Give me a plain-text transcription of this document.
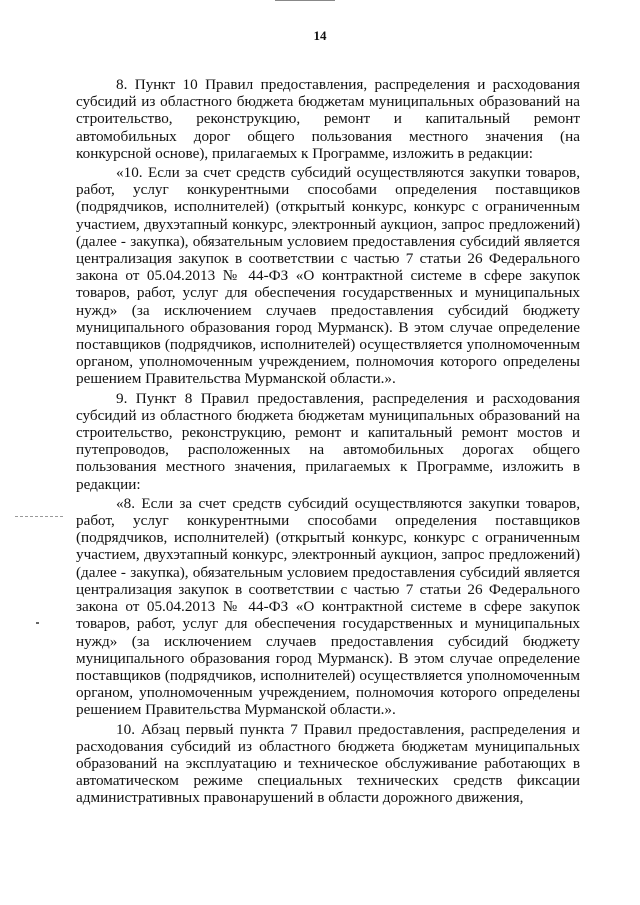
14

8. Пункт 10 Правил предоставления, распределения и расходования субсидий из областного бюджета бюджетам муниципальных образований на строительство, реконструкцию, ремонт и капитальный ремонт автомобильных дорог общего пользования местного значения (на конкурсной основе), прилагаемых к Программе, изложить в редакции:

«10. Если за счет средств субсидий осуществляются закупки товаров, работ, услуг конкурентными способами определения поставщиков (подрядчиков, исполнителей) (открытый конкурс, конкурс с ограниченным участием, двухэтапный конкурс, электронный аукцион, запрос предложений) (далее - закупка), обязательным условием предоставления субсидий является централизация закупок в соответствии с частью 7 статьи 26 Федерального закона от 05.04.2013 № 44-ФЗ «О контрактной системе в сфере закупок товаров, работ, услуг для обеспечения государственных и муниципальных нужд» (за исключением случаев предоставления субсидий бюджету муниципального образования город Мурманск). В этом случае определение поставщиков (подрядчиков, исполнителей) осуществляется уполномоченным органом, уполномоченным учреждением, полномочия которого определены решением Правительства Мурманской области.».

9. Пункт 8 Правил предоставления, распределения и расходования субсидий из областного бюджета бюджетам муниципальных образований на строительство, реконструкцию, ремонт и капитальный ремонт мостов и путепроводов, расположенных на автомобильных дорогах общего пользования местного значения, прилагаемых к Программе, изложить в редакции:

«8. Если за счет средств субсидий осуществляются закупки товаров, работ, услуг конкурентными способами определения поставщиков (подрядчиков, исполнителей) (открытый конкурс, конкурс с ограниченным участием, двухэтапный конкурс, электронный аукцион, запрос предложений) (далее - закупка), обязательным условием предоставления субсидий является централизация закупок в соответствии с частью 7 статьи 26 Федерального закона от 05.04.2013 № 44-ФЗ «О контрактной системе в сфере закупок товаров, работ, услуг для обеспечения государственных и муниципальных нужд» (за исключением случаев предоставления субсидий бюджету муниципального образования город Мурманск). В этом случае определение поставщиков (подрядчиков, исполнителей) осуществляется уполномоченным органом, уполномоченным учреждением, полномочия которого определены решением Правительства Мурманской области.».

10. Абзац первый пункта 7 Правил предоставления, распределения и расходования субсидий из областного бюджета бюджетам муниципальных образований на эксплуатацию и техническое обслуживание работающих в автоматическом режиме специальных технических средств фиксации административных правонарушений в области дорожного движения,
